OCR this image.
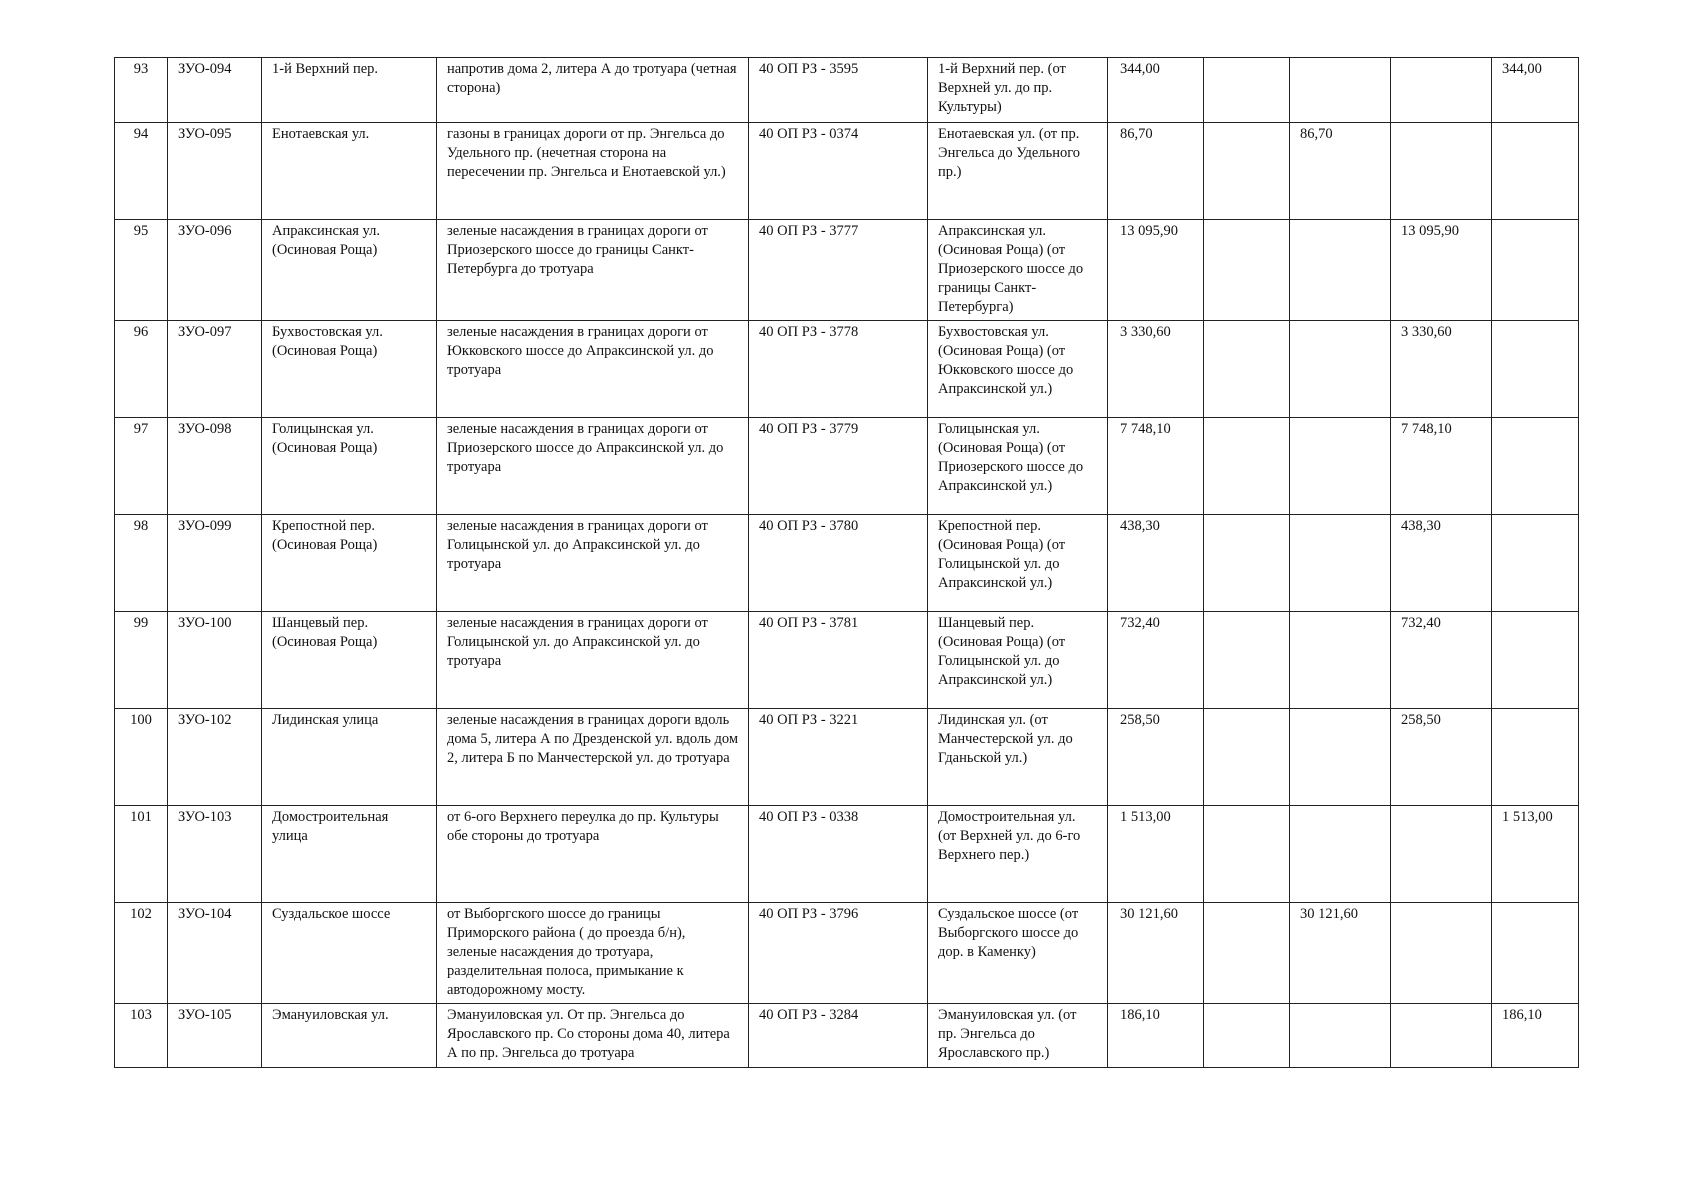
93	ЗУО-094	1-й Верхний пер.	напротив дома 2, литера А до тротуара (четная сторона)	40 ОП РЗ - 3595	1-й Верхний пер. (от Верхней ул. до пр. Культуры)	344,00				344,00
94	ЗУО-095	Енотаевская ул.	газоны в границах дороги от пр. Энгельса до Удельного пр. (нечетная сторона на пересечении пр. Энгельса и Енотаевской ул.)	40 ОП РЗ - 0374	Енотаевская ул. (от пр. Энгельса до Удельного пр.)	86,70		86,70		
95	ЗУО-096	Апраксинская ул. (Осиновая Роща)	зеленые насаждения в границах дороги от Приозерского шоссе до границы Санкт-Петербурга до тротуара	40 ОП РЗ - 3777	Апраксинская ул. (Осиновая Роща) (от Приозерского шоссе до границы Санкт-Петербурга)	13 095,90			13 095,90	
96	ЗУО-097	Бухвостовская ул. (Осиновая Роща)	зеленые насаждения в границах дороги от Юкковского шоссе до Апраксинской ул. до тротуара	40 ОП РЗ - 3778	Бухвостовская ул. (Осиновая Роща) (от Юкковского шоссе до Апраксинской ул.)	3 330,60			3 330,60	
97	ЗУО-098	Голицынская ул. (Осиновая Роща)	зеленые насаждения в границах дороги от Приозерского шоссе до Апраксинской ул. до тротуара	40 ОП РЗ - 3779	Голицынская ул. (Осиновая Роща) (от Приозерского шоссе до Апраксинской ул.)	7 748,10			7 748,10	
98	ЗУО-099	Крепостной пер. (Осиновая Роща)	зеленые насаждения в границах дороги от Голицынской ул. до Апраксинской ул. до тротуара	40 ОП РЗ - 3780	Крепостной пер. (Осиновая Роща) (от Голицынской ул. до Апраксинской ул.)	438,30			438,30	
99	ЗУО-100	Шанцевый пер. (Осиновая Роща)	зеленые насаждения в границах дороги от Голицынской ул. до Апраксинской ул. до тротуара	40 ОП РЗ - 3781	Шанцевый пер. (Осиновая Роща) (от Голицынской ул. до Апраксинской ул.)	732,40			732,40	
100	ЗУО-102	Лидинская улица	зеленые насаждения в границах дороги вдоль дома 5, литера А по Дрезденской ул. вдоль дом 2, литера Б по Манчестерской ул. до тротуара	40 ОП РЗ - 3221	Лидинская ул. (от Манчестерской ул. до Гданьской ул.)	258,50			258,50	
101	ЗУО-103	Домостроительная улица	от 6-ого Верхнего переулка до пр. Культуры обе стороны до тротуара	40 ОП РЗ - 0338	Домостроительная ул. (от Верхней ул. до 6-го Верхнего пер.)	1 513,00				1 513,00
102	ЗУО-104	Суздальское шоссе	от Выборгского шоссе до границы Приморского района ( до проезда б/н), зеленые насаждения до тротуара, разделительная полоса, примыкание к автодорожному мосту.	40 ОП РЗ - 3796	Суздальское шоссе (от Выборгского шоссе до дор. в Каменку)	30 121,60		30 121,60		
103	ЗУО-105	Эмануиловская ул.	Эмануиловская ул. От пр. Энгельса до Ярославского пр. Со стороны дома 40, литера А по пр. Энгельса до тротуара	40 ОП РЗ - 3284	Эмануиловская ул. (от пр. Энгельса до Ярославского пр.)	186,10				186,10
